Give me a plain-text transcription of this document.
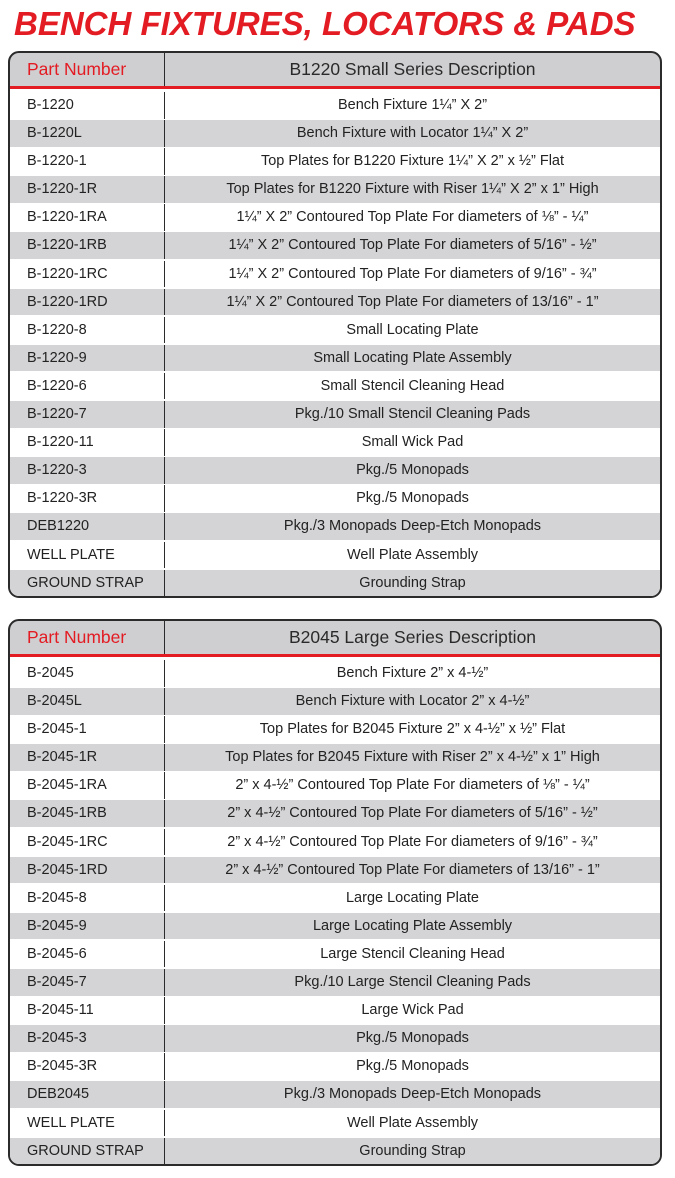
BENCH FIXTURES, LOCATORS & PADS
Part Number	B1220 Small Series Description
B-1220	Bench Fixture 1¼” X 2”
B-1220L	Bench Fixture with Locator 1¼” X 2”
B-1220-1	Top Plates for B1220 Fixture 1¼” X 2” x ½” Flat
B-1220-1R	Top Plates for B1220 Fixture with Riser 1¼” X 2” x 1” High
B-1220-1RA	1¼” X 2” Contoured Top Plate For diameters of ⅛” - ¼”
B-1220-1RB	1¼” X 2” Contoured Top Plate For diameters of 5/16” - ½”
B-1220-1RC	1¼” X 2” Contoured Top Plate For diameters of 9/16” - ¾”
B-1220-1RD	1¼” X 2” Contoured Top Plate For diameters of 13/16” - 1”
B-1220-8	Small Locating Plate
B-1220-9	Small Locating Plate Assembly
B-1220-6	Small Stencil Cleaning Head
B-1220-7	Pkg./10 Small Stencil Cleaning Pads
B-1220-11	Small Wick Pad
B-1220-3	Pkg./5 Monopads
B-1220-3R	Pkg./5 Monopads
DEB1220	Pkg./3 Monopads Deep-Etch Monopads
WELL PLATE	Well Plate Assembly
GROUND STRAP	Grounding Strap
Part Number	B2045 Large Series Description
B-2045	Bench Fixture 2” x 4-½”
B-2045L	Bench Fixture with Locator 2” x 4-½”
B-2045-1	Top Plates for B2045 Fixture 2” x 4-½” x ½” Flat
B-2045-1R	Top Plates for B2045 Fixture with Riser 2” x 4-½” x 1” High
B-2045-1RA	2” x 4-½” Contoured Top Plate For diameters of ⅛” - ¼”
B-2045-1RB	2” x 4-½” Contoured Top Plate For diameters of 5/16” - ½”
B-2045-1RC	2” x 4-½” Contoured Top Plate For diameters of 9/16” - ¾”
B-2045-1RD	2” x 4-½” Contoured Top Plate For diameters of 13/16” - 1”
B-2045-8	Large Locating Plate
B-2045-9	Large Locating Plate Assembly
B-2045-6	Large Stencil Cleaning Head
B-2045-7	Pkg./10 Large Stencil Cleaning Pads
B-2045-11	Large Wick Pad
B-2045-3	Pkg./5 Monopads
B-2045-3R	Pkg./5 Monopads
DEB2045	Pkg./3 Monopads Deep-Etch Monopads
WELL PLATE	Well Plate Assembly
GROUND STRAP	Grounding Strap
